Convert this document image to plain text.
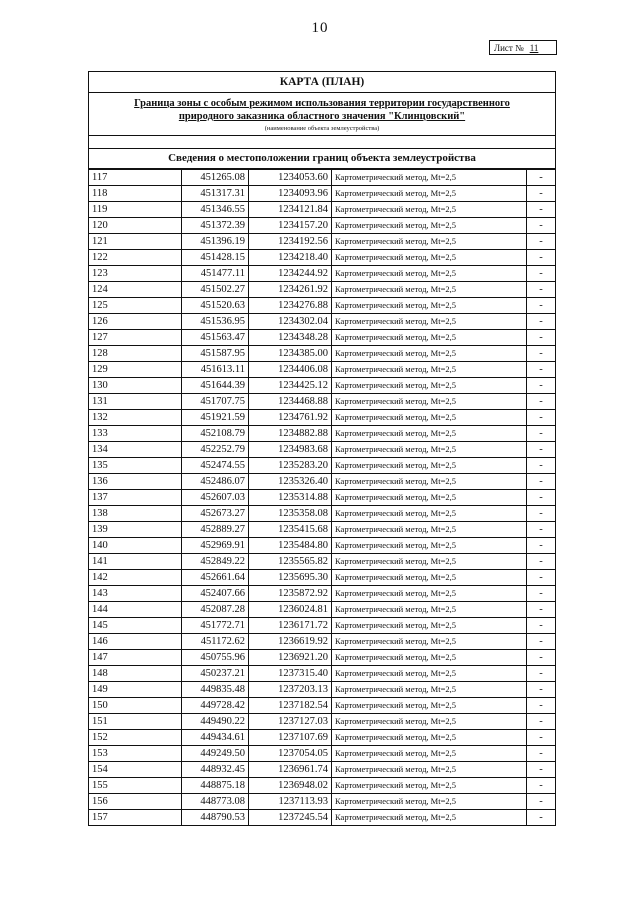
10
Лист № 11
КАРТА (ПЛАН)
Граница зоны с особым режимом использования территории государственного
природного заказника областного значения "Клинцовский"
(наименование объекта землеустройства)
Сведения о местоположении границ объекта землеустройства
117	451265.08	1234053.60	Картометрический метод, Mt=2,5	-
118	451317.31	1234093.96	Картометрический метод, Mt=2,5	-
119	451346.55	1234121.84	Картометрический метод, Mt=2,5	-
120	451372.39	1234157.20	Картометрический метод, Mt=2,5	-
121	451396.19	1234192.56	Картометрический метод, Mt=2,5	-
122	451428.15	1234218.40	Картометрический метод, Mt=2,5	-
123	451477.11	1234244.92	Картометрический метод, Mt=2,5	-
124	451502.27	1234261.92	Картометрический метод, Mt=2,5	-
125	451520.63	1234276.88	Картометрический метод, Mt=2,5	-
126	451536.95	1234302.04	Картометрический метод, Mt=2,5	-
127	451563.47	1234348.28	Картометрический метод, Mt=2,5	-
128	451587.95	1234385.00	Картометрический метод, Mt=2,5	-
129	451613.11	1234406.08	Картометрический метод, Mt=2,5	-
130	451644.39	1234425.12	Картометрический метод, Mt=2,5	-
131	451707.75	1234468.88	Картометрический метод, Mt=2,5	-
132	451921.59	1234761.92	Картометрический метод, Mt=2,5	-
133	452108.79	1234882.88	Картометрический метод, Mt=2,5	-
134	452252.79	1234983.68	Картометрический метод, Mt=2,5	-
135	452474.55	1235283.20	Картометрический метод, Mt=2,5	-
136	452486.07	1235326.40	Картометрический метод, Mt=2,5	-
137	452607.03	1235314.88	Картометрический метод, Mt=2,5	-
138	452673.27	1235358.08	Картометрический метод, Mt=2,5	-
139	452889.27	1235415.68	Картометрический метод, Mt=2,5	-
140	452969.91	1235484.80	Картометрический метод, Mt=2,5	-
141	452849.22	1235565.82	Картометрический метод, Mt=2,5	-
142	452661.64	1235695.30	Картометрический метод, Mt=2,5	-
143	452407.66	1235872.92	Картометрический метод, Mt=2,5	-
144	452087.28	1236024.81	Картометрический метод, Mt=2,5	-
145	451772.71	1236171.72	Картометрический метод, Mt=2,5	-
146	451172.62	1236619.92	Картометрический метод, Mt=2,5	-
147	450755.96	1236921.20	Картометрический метод, Mt=2,5	-
148	450237.21	1237315.40	Картометрический метод, Mt=2,5	-
149	449835.48	1237203.13	Картометрический метод, Mt=2,5	-
150	449728.42	1237182.54	Картометрический метод, Mt=2,5	-
151	449490.22	1237127.03	Картометрический метод, Mt=2,5	-
152	449434.61	1237107.69	Картометрический метод, Mt=2,5	-
153	449249.50	1237054.05	Картометрический метод, Mt=2,5	-
154	448932.45	1236961.74	Картометрический метод, Mt=2,5	-
155	448875.18	1236948.02	Картометрический метод, Mt=2,5	-
156	448773.08	1237113.93	Картометрический метод, Mt=2,5	-
157	448790.53	1237245.54	Картометрический метод, Mt=2,5	-
